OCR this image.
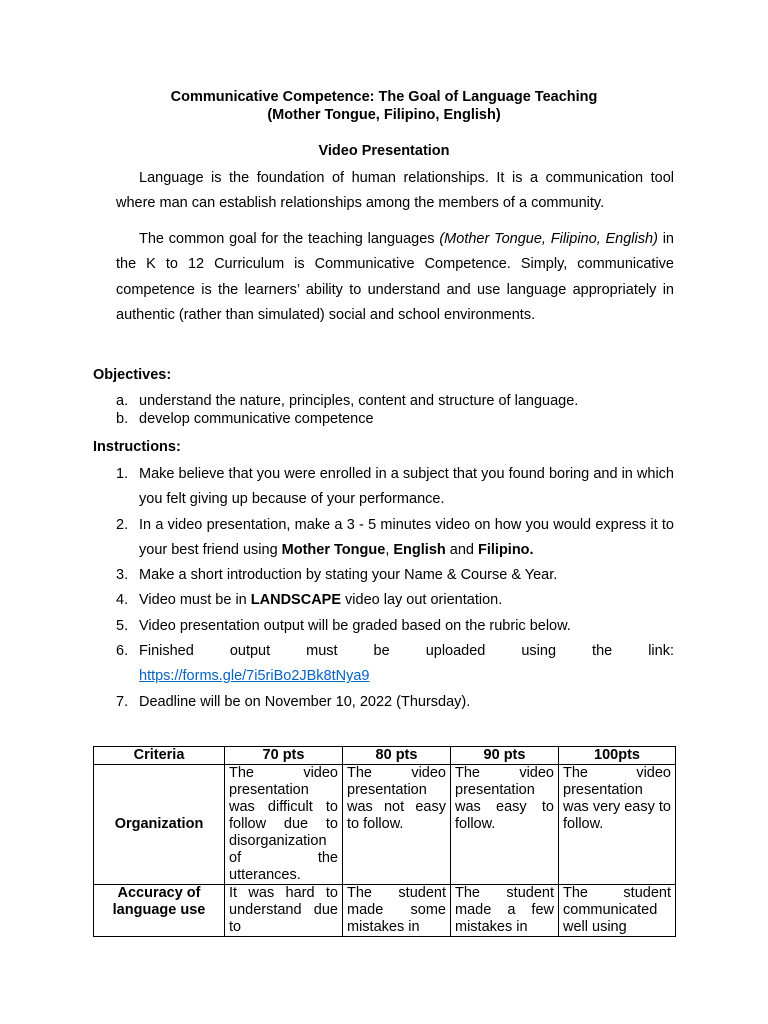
Communicative Competence: The Goal of Language Teaching

(Mother Tongue, Filipino, English)

Video Presentation

Language is the foundation of human relationships. It is a communication tool where man can establish relationships among the members of a community.

The common goal for the teaching languages (Mother Tongue, Filipino, English) in the K to 12 Curriculum is Communicative Competence. Simply, communicative competence is the learners’ ability to understand and use language appropriately in authentic (rather than simulated) social and school environments.

Objectives:

a. understand the nature, principles, content and structure of language.
b. develop communicative competence

Instructions:

1. Make believe that you were enrolled in a subject that you found boring and in which you felt giving up because of your performance.
2. In a video presentation, make a 3 - 5 minutes video on how you would express it to your best friend using Mother Tongue, English and Filipino.
3. Make a short introduction by stating your Name & Course & Year.
4. Video must be in LANDSCAPE video lay out orientation.
5. Video presentation output will be graded based on the rubric below.
6. Finished output must be uploaded using the link:
https://forms.gle/7i5riBo2JBk8tNya9
7. Deadline will be on November 10, 2022 (Thursday).
Criteria	70 pts	80 pts	90 pts	100pts
Organization	The video presentation was difficult to follow due to disorganization of the utterances.	The video presentation was not easy to follow.	The video presentation was easy to follow.	The video presentation was very easy to follow.
Accuracy of language use	It was hard to understand due to	The student made some mistakes in	The student made a few mistakes in	The student communicated well using
